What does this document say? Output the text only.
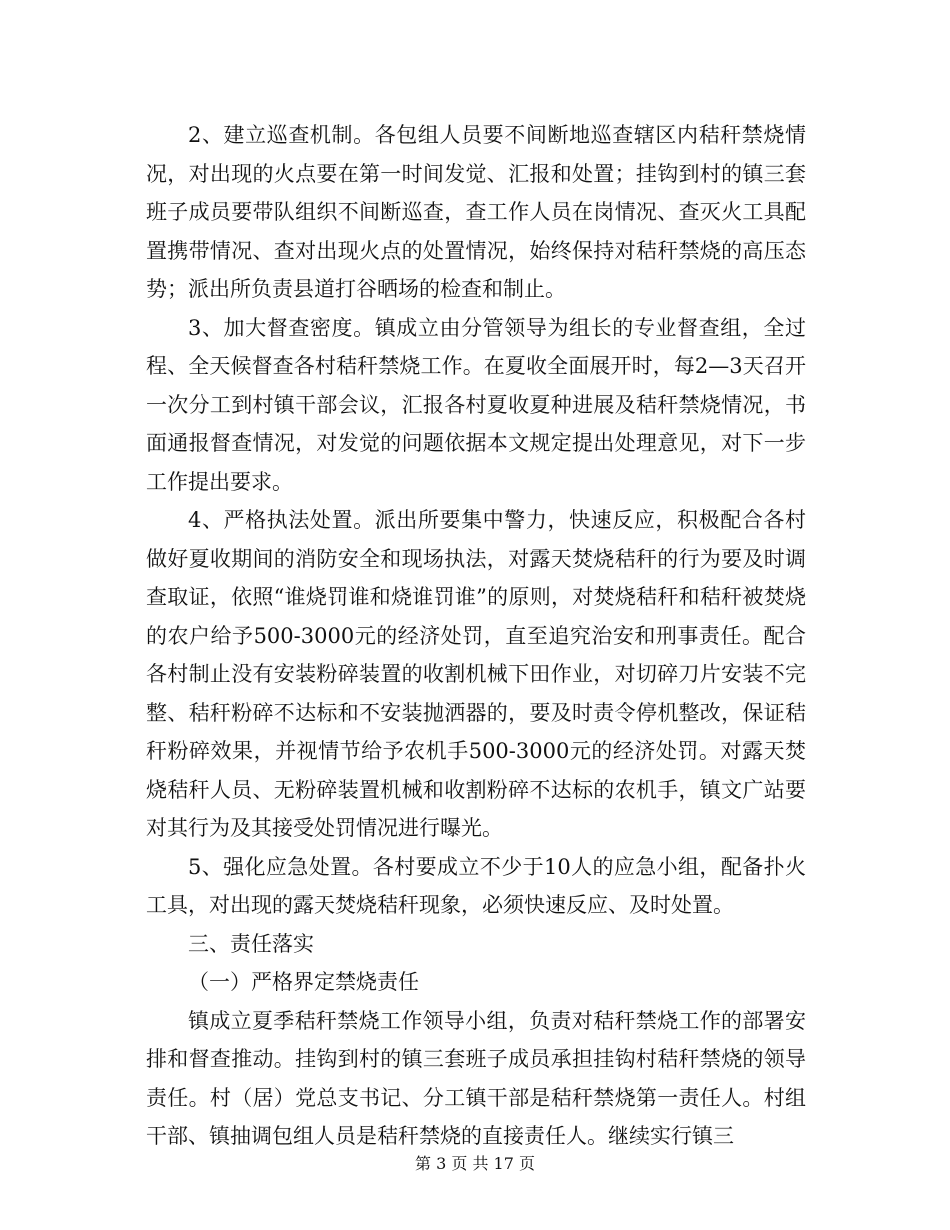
2、建立巡查机制。各包组人员要不间断地巡查辖区内秸秆禁烧情况，对出现的火点要在第一时间发觉、汇报和处置；挂钩到村的镇三套班子成员要带队组织不间断巡查，查工作人员在岗情况、查灭火工具配置携带情况、查对出现火点的处置情况，始终保持对秸秆禁烧的高压态势；派出所负责县道打谷晒场的检查和制止。

3、加大督查密度。镇成立由分管领导为组长的专业督查组，全过程、全天候督查各村秸秆禁烧工作。在夏收全面展开时，每2—3天召开一次分工到村镇干部会议，汇报各村夏收夏种进展及秸秆禁烧情况，书面通报督查情况，对发觉的问题依据本文规定提出处理意见，对下一步工作提出要求。

4、严格执法处置。派出所要集中警力，快速反应，积极配合各村做好夏收期间的消防安全和现场执法，对露天焚烧秸秆的行为要及时调查取证，依照“谁烧罚谁和烧谁罚谁”的原则，对焚烧秸秆和秸秆被焚烧的农户给予500-3000元的经济处罚，直至追究治安和刑事责任。配合各村制止没有安装粉碎装置的收割机械下田作业，对切碎刀片安装不完整、秸秆粉碎不达标和不安装抛洒器的，要及时责令停机整改，保证秸秆粉碎效果，并视情节给予农机手500-3000元的经济处罚。对露天焚烧秸秆人员、无粉碎装置机械和收割粉碎不达标的农机手，镇文广站要对其行为及其接受处罚情况进行曝光。

5、强化应急处置。各村要成立不少于10人的应急小组，配备扑火工具，对出现的露天焚烧秸秆现象，必须快速反应、及时处置。

三、责任落实

（一）严格界定禁烧责任

镇成立夏季秸秆禁烧工作领导小组，负责对秸秆禁烧工作的部署安排和督查推动。挂钩到村的镇三套班子成员承担挂钩村秸秆禁烧的领导责任。村（居）党总支书记、分工镇干部是秸秆禁烧第一责任人。村组干部、镇抽调包组人员是秸秆禁烧的直接责任人。继续实行镇三

第 3 页 共 17 页
